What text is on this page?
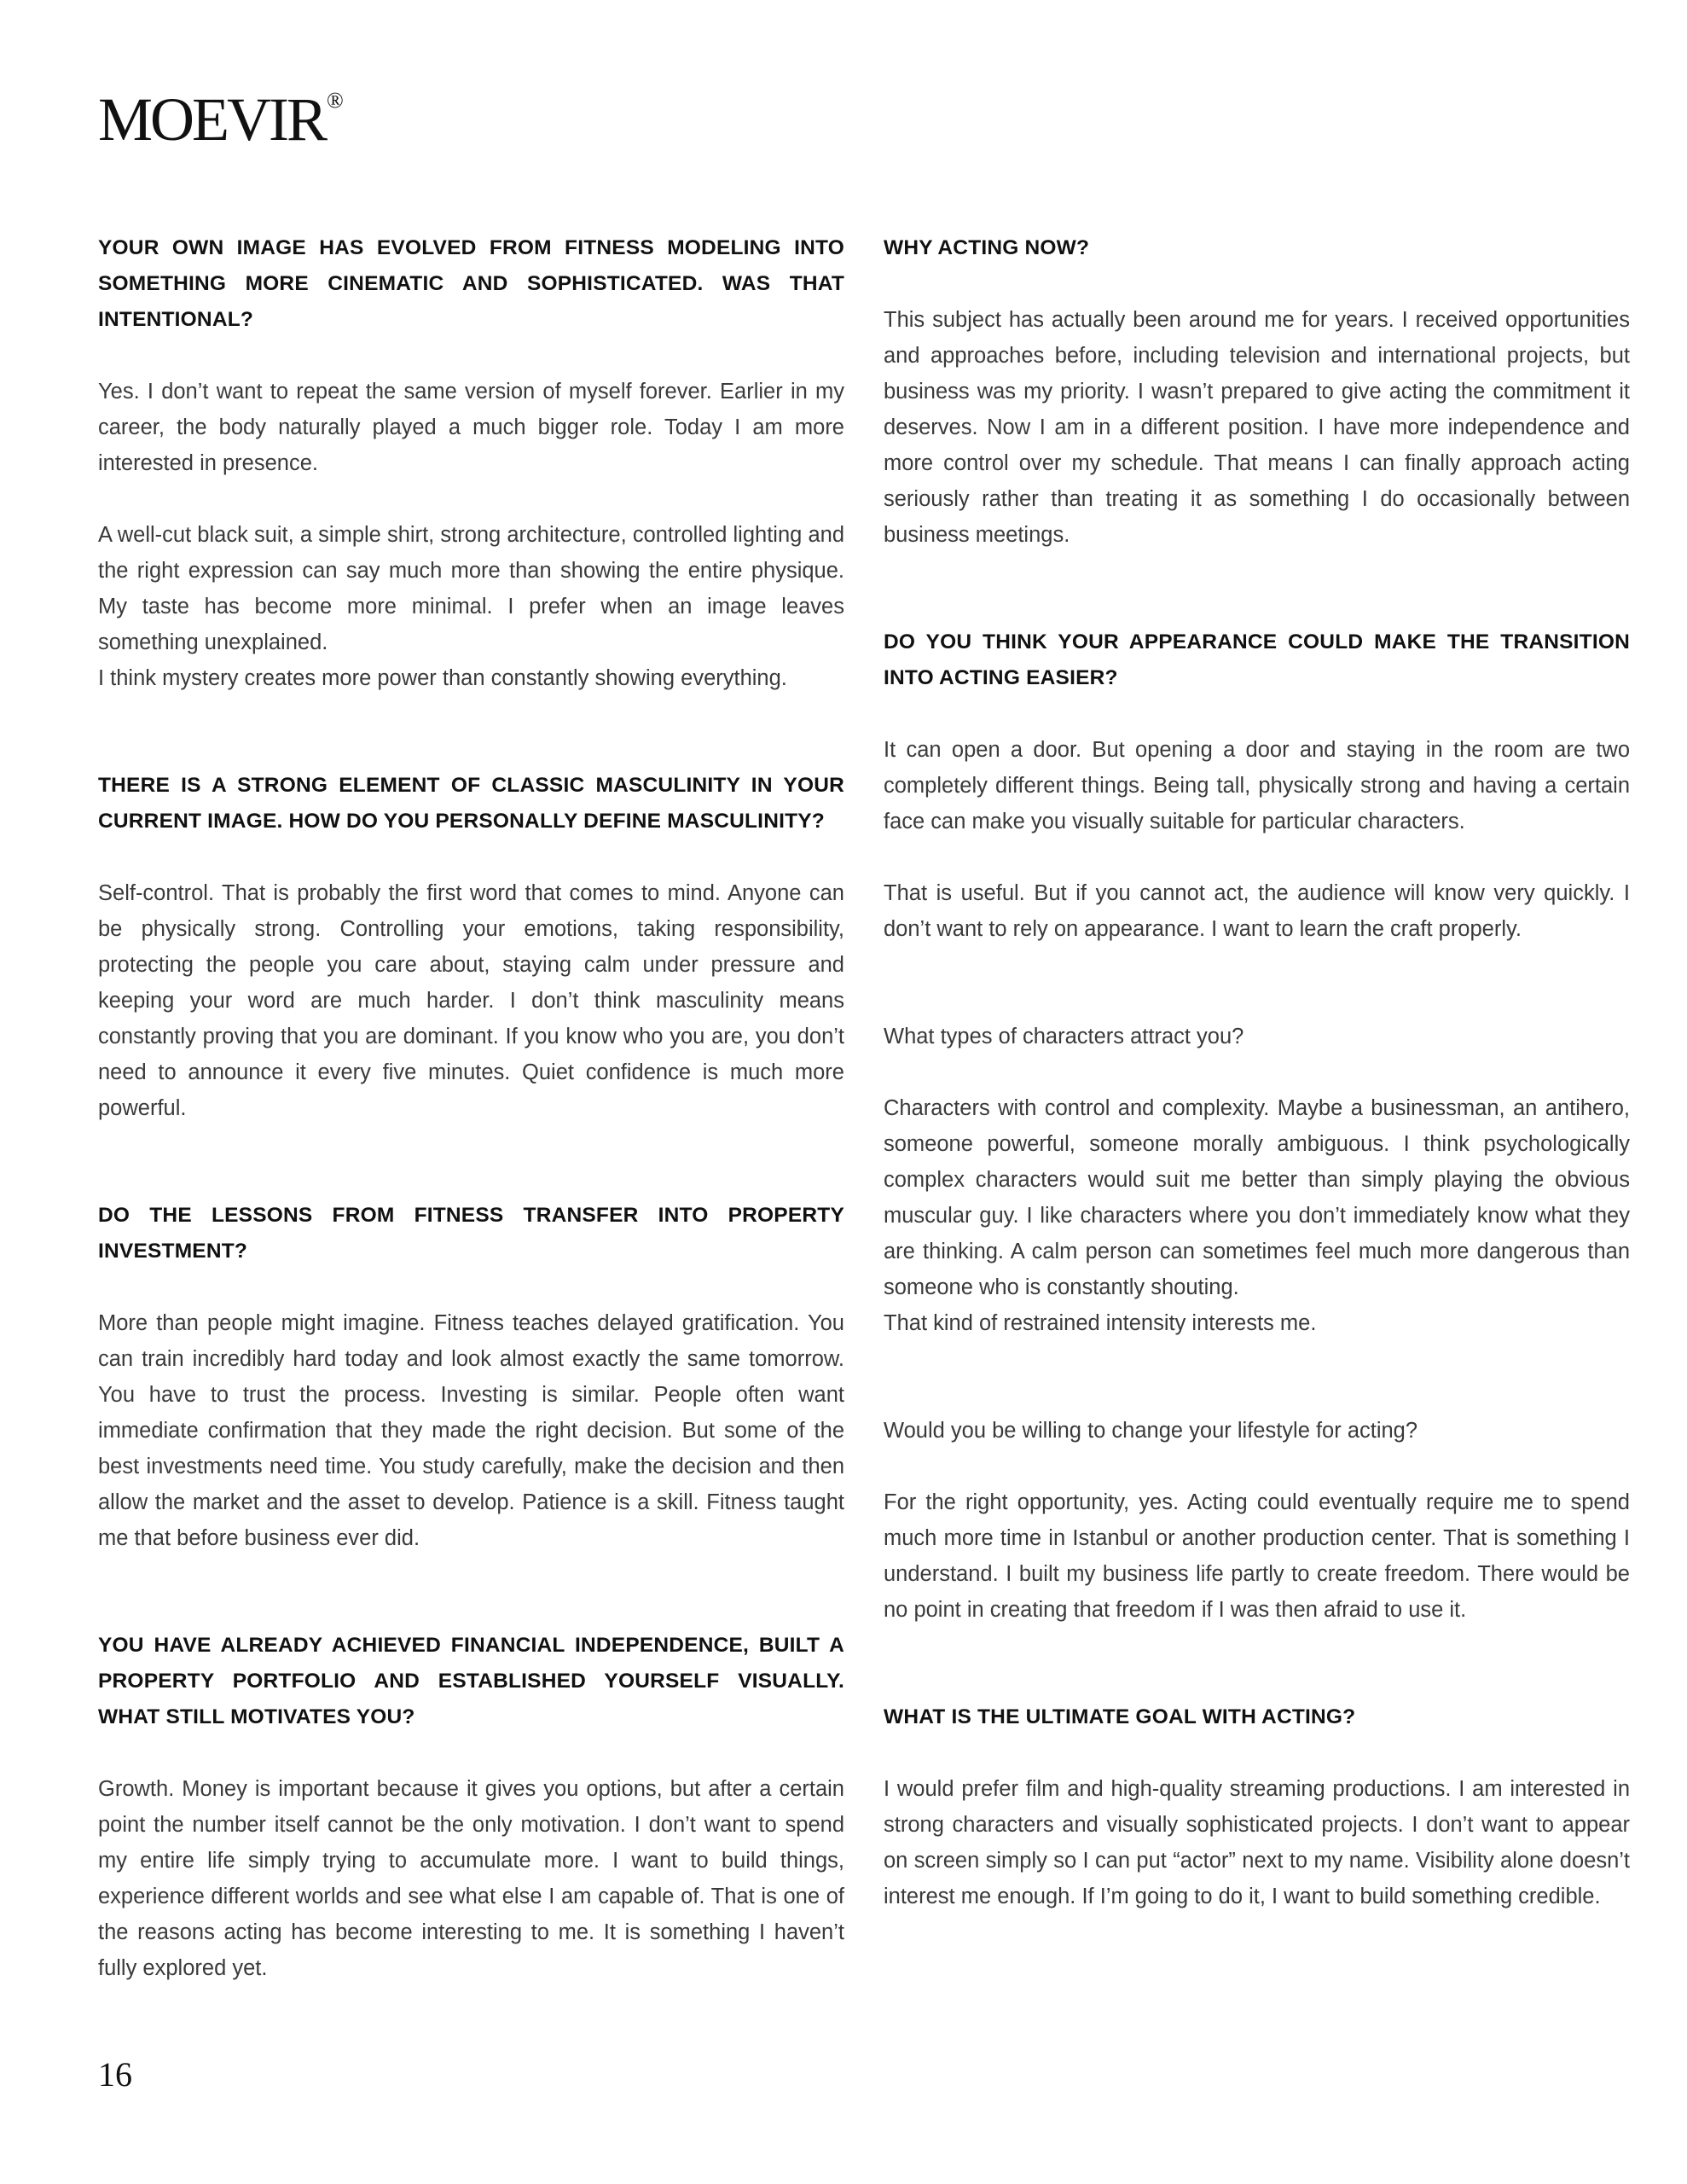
MOEVIR®

YOUR OWN IMAGE HAS EVOLVED FROM FITNESS MODELING INTO SOMETHING MORE CINEMATIC AND SOPHISTICATED. WAS THAT INTENTIONAL?

Yes. I don’t want to repeat the same version of myself forever. Earlier in my career, the body naturally played a much bigger role. Today I am more interested in presence.

A well-cut black suit, a simple shirt, strong architecture, controlled lighting and the right expression can say much more than showing the entire physique. My taste has become more minimal. I prefer when an image leaves something unexplained.

I think mystery creates more power than constantly showing everything.

THERE IS A STRONG ELEMENT OF CLASSIC MASCULINITY IN YOUR CURRENT IMAGE. HOW DO YOU PERSONALLY DEFINE MASCULINITY?

Self-control. That is probably the first word that comes to mind. Anyone can be physically strong. Controlling your emotions, taking responsibility, protecting the people you care about, staying calm under pressure and keeping your word are much harder. I don’t think masculinity means constantly proving that you are dominant. If you know who you are, you don’t need to announce it every five minutes. Quiet confidence is much more powerful.

DO THE LESSONS FROM FITNESS TRANSFER INTO PROPERTY INVESTMENT?

More than people might imagine. Fitness teaches delayed gratification. You can train incredibly hard today and look almost exactly the same tomorrow. You have to trust the process. Investing is similar. People often want immediate confirmation that they made the right decision. But some of the best investments need time. You study carefully, make the decision and then allow the market and the asset to develop. Patience is a skill. Fitness taught me that before business ever did.

YOU HAVE ALREADY ACHIEVED FINANCIAL INDEPENDENCE, BUILT A PROPERTY PORTFOLIO AND ESTABLISHED YOURSELF VISUALLY. WHAT STILL MOTIVATES YOU?

Growth. Money is important because it gives you options, but after a certain point the number itself cannot be the only motivation. I don’t want to spend my entire life simply trying to accumulate more. I want to build things, experience different worlds and see what else I am capable of. That is one of the reasons acting has become interesting to me. It is something I haven’t fully explored yet.

WHY ACTING NOW?

This subject has actually been around me for years. I received opportunities and approaches before, including television and international projects, but business was my priority. I wasn’t prepared to give acting the commitment it deserves. Now I am in a different position. I have more independence and more control over my schedule. That means I can finally approach acting seriously rather than treating it as something I do occasionally between business meetings.

DO YOU THINK YOUR APPEARANCE COULD MAKE THE TRANSITION INTO ACTING EASIER?

It can open a door. But opening a door and staying in the room are two completely different things. Being tall, physically strong and having a certain face can make you visually suitable for particular characters.

That is useful. But if you cannot act, the audience will know very quickly. I don’t want to rely on appearance. I want to learn the craft properly.

What types of characters attract you?

Characters with control and complexity. Maybe a businessman, an antihero, someone powerful, someone morally ambiguous. I think psychologically complex characters would suit me better than simply playing the obvious muscular guy. I like characters where you don’t immediately know what they are thinking. A calm person can sometimes feel much more dangerous than someone who is constantly shouting.

That kind of restrained intensity interests me.

Would you be willing to change your lifestyle for acting?

For the right opportunity, yes. Acting could eventually require me to spend much more time in Istanbul or another production center. That is something I understand. I built my business life partly to create freedom. There would be no point in creating that freedom if I was then afraid to use it.

WHAT IS THE ULTIMATE GOAL WITH ACTING?

I would prefer film and high-quality streaming productions. I am interested in strong characters and visually sophisticated projects. I don’t want to appear on screen simply so I can put “actor” next to my name. Visibility alone doesn’t interest me enough. If I’m going to do it, I want to build something credible.

16
